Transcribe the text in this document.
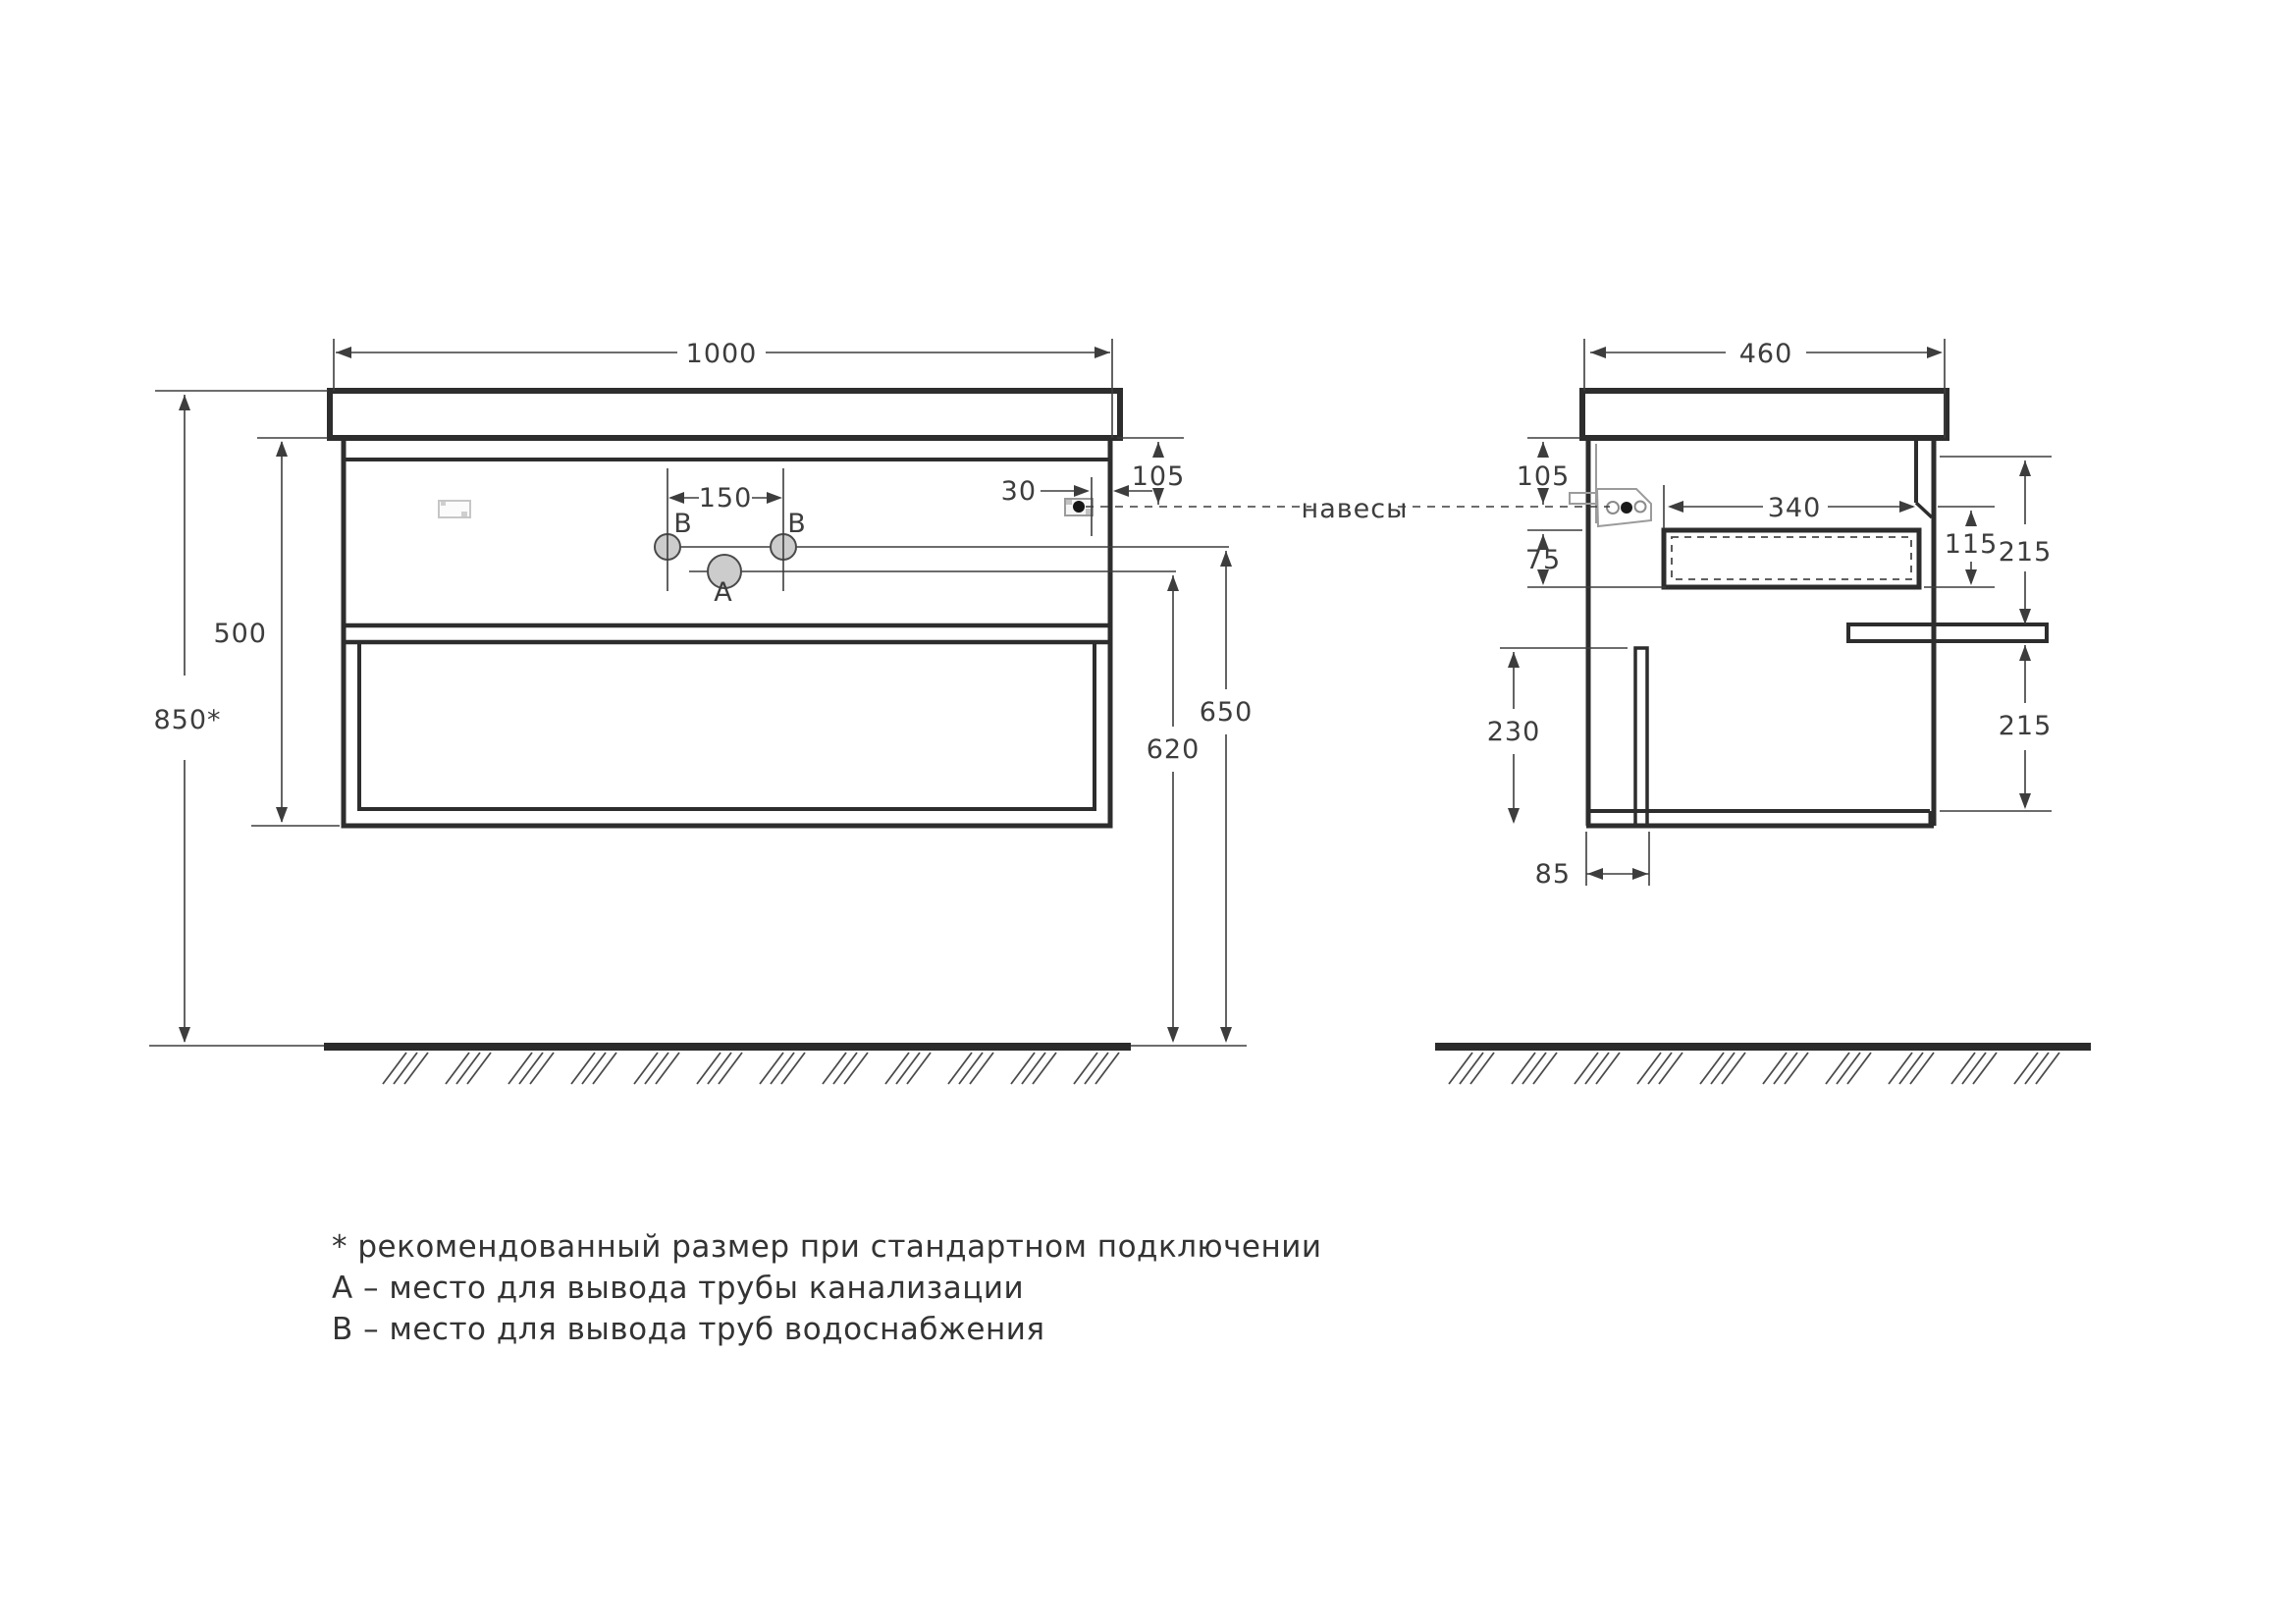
1000
850*
500
150	30	105
650
620
В	В
А
навесы
460
105
75
340
115 215
215
230
85
* рекомендованный размер при стандартном подключении
А – место для вывода трубы канализации
В – место для вывода труб водоснабжения
